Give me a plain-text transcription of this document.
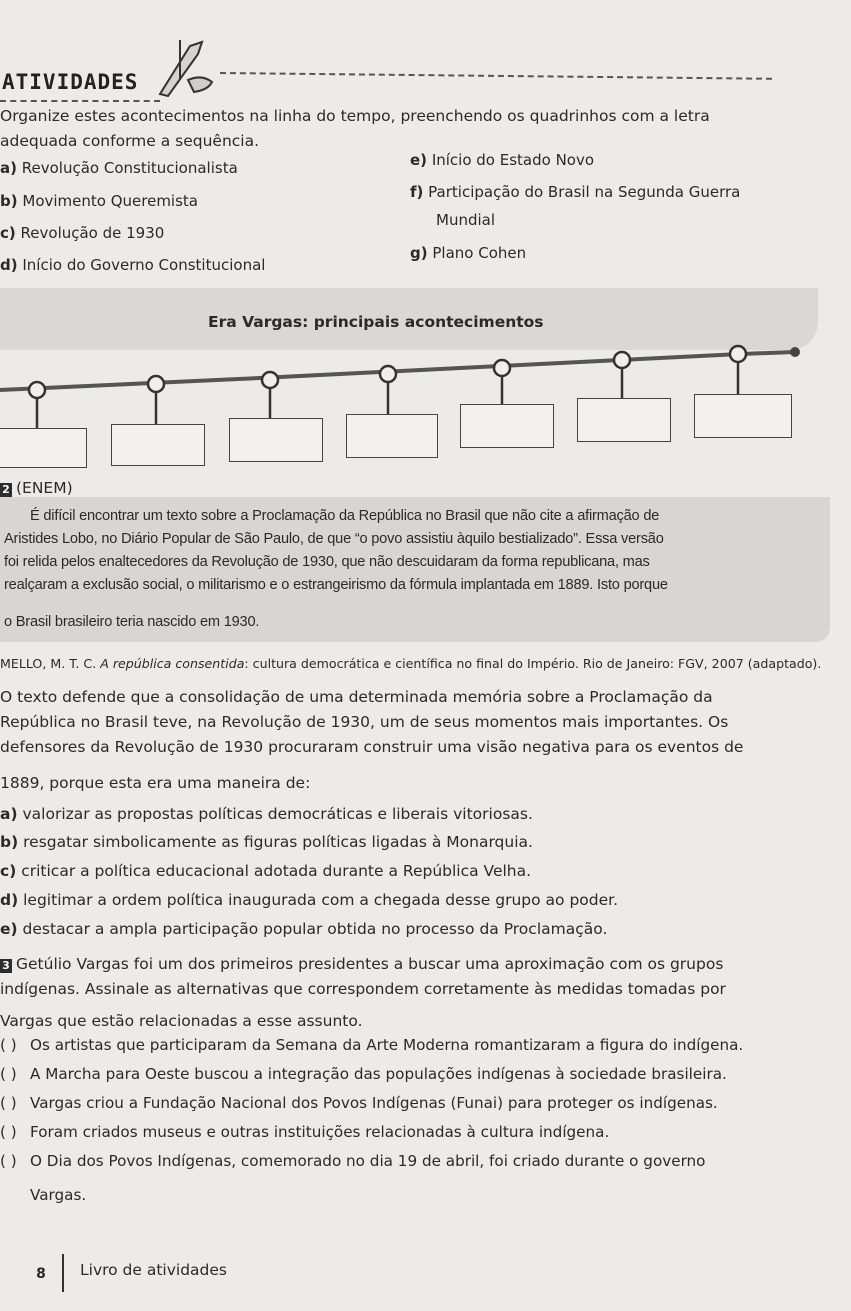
ATIVIDADES
Organize estes acontecimentos na linha do tempo, preenchendo os quadrinhos com a letra
adequada conforme a sequência.
a) Revolução Constitucionalista
b) Movimento Queremista
c) Revolução de 1930
d) Início do Governo Constitucional
e) Início do Estado Novo
f) Participação do Brasil na Segunda Guerra
Mundial
g) Plano Cohen
Era Vargas: principais acontecimentos
2 (ENEM)
É difícil encontrar um texto sobre a Proclamação da República no Brasil que não cite a afirmação de
Aristides Lobo, no Diário Popular de São Paulo, de que “o povo assistiu àquilo bestializado”. Essa versão
foi relida pelos enaltecedores da Revolução de 1930, que não descuidaram da forma republicana, mas
realçaram a exclusão social, o militarismo e o estrangeirismo da fórmula implantada em 1889. Isto porque
o Brasil brasileiro teria nascido em 1930.
MELLO, M. T. C. A república consentida: cultura democrática e científica no final do Império. Rio de Janeiro: FGV, 2007 (adaptado).
O texto defende que a consolidação de uma determinada memória sobre a Proclamação da
República no Brasil teve, na Revolução de 1930, um de seus momentos mais importantes. Os
defensores da Revolução de 1930 procuraram construir uma visão negativa para os eventos de
1889, porque esta era uma maneira de:
a) valorizar as propostas políticas democráticas e liberais vitoriosas.
b) resgatar simbolicamente as figuras políticas ligadas à Monarquia.
c) criticar a política educacional adotada durante a República Velha.
d) legitimar a ordem política inaugurada com a chegada desse grupo ao poder.
e) destacar a ampla participação popular obtida no processo da Proclamação.
3 Getúlio Vargas foi um dos primeiros presidentes a buscar uma aproximação com os grupos
indígenas. Assinale as alternativas que correspondem corretamente às medidas tomadas por
Vargas que estão relacionadas a esse assunto.
( ) Os artistas que participaram da Semana da Arte Moderna romantizaram a figura do indígena.
( ) A Marcha para Oeste buscou a integração das populações indígenas à sociedade brasileira.
( ) Vargas criou a Fundação Nacional dos Povos Indígenas (Funai) para proteger os indígenas.
( ) Foram criados museus e outras instituições relacionadas à cultura indígena.
( ) O Dia dos Povos Indígenas, comemorado no dia 19 de abril, foi criado durante o governo
Vargas.
8	Livro de atividades
